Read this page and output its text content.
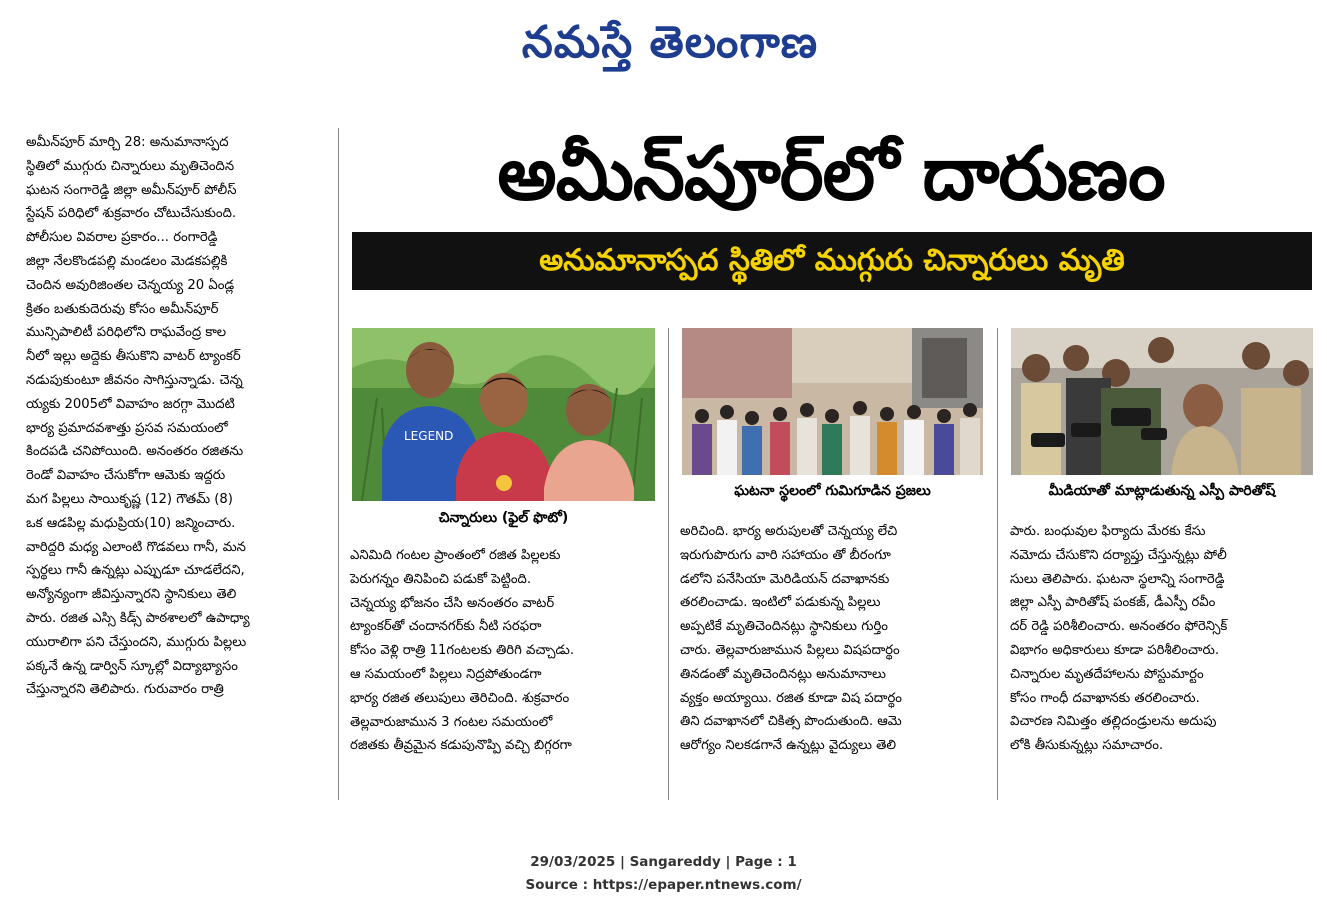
నమస్తే తెలంగాణ

అమీన్‌పూర్ మార్చి 28: అనుమానాస్పద

స్థితిలో ముగ్గురు చిన్నారులు మృతిచెందిన

ఘటన సంగారెడ్డి జిల్లా అమీన్‌పూర్ పోలీస్

స్టేషన్ పరిధిలో శుక్రవారం చోటుచేసుకుంది.

పోలీసుల వివరాల ప్రకారం... రంగారెడ్డి

జిల్లా నేలకొండపల్లి మండలం మెడకపల్లికి

చెందిన అవురిజింతల చెన్నయ్య 20 ఏండ్ల

క్రితం బతుకుదెరువు కోసం అమీన్‌పూర్

మున్సిపాలిటీ పరిధిలోని రాఘవేంద్ర కాల

నీలో ఇల్లు అద్దెకు తీసుకొని వాటర్ ట్యాంకర్

నడుపుకుంటూ జీవనం సాగిస్తున్నాడు. చెన్న

య్యకు 2005లో వివాహం జరగ్గా మొదటి

భార్య ప్రమాదవశాత్తు ప్రసవ సమయంలో

కిందపడి చనిపోయింది. అనంతరం రజితను

రెండో వివాహం చేసుకోగా ఆమెకు ఇద్దరు

మగ పిల్లలు సాయికృష్ణ (12) గౌతమ్ (8)

ఒక ఆడపిల్ల మధుప్రియ(10) జన్మించారు.

వారిద్దరి మధ్య ఎలాంటి గొడవలు గానీ, మన

స్పర్థలు గానీ ఉన్నట్లు ఎప్పుడూ చూడలేదని,

అన్యోన్యంగా జీవిస్తున్నారని స్థానికులు తెలి

పారు. రజిత ఎస్సి కిడ్స్ పాఠశాలలో ఉపాధ్యా

యురాలిగా పని చేస్తుందని, ముగ్గురు పిల్లలు

పక్కనే ఉన్న డార్విన్ స్కూల్లో విద్యాభ్యాసం

చేస్తున్నారని తెలిపారు. గురువారం రాత్రి

అమీన్‌పూర్‌లో దారుణం
అనుమానాస్పద స్థితిలో ముగ్గురు చిన్నారులు మృతి
LEGEND
చిన్నారులు (ఫైల్ ఫొటో)

ఎనిమిది గంటల ప్రాంతంలో రజిత పిల్లలకు

పెరుగన్నం తినిపించి పడుకో పెట్టింది.

చెన్నయ్య భోజనం చేసి అనంతరం వాటర్

ట్యాంకర్‌తో చందానగర్‌కు నీటి సరఫరా

కోసం వెళ్లి రాత్రి 11గంటలకు తిరిగి వచ్చాడు.

ఆ సమయంలో పిల్లలు నిద్రపోతుండగా

భార్య రజిత తలుపులు తెరిచింది. శుక్రవారం

తెల్లవారుజామున 3 గంటల సమయంలో

రజితకు తీవ్రమైన కడుపునొప్పి వచ్చి బిగ్గరగా

ఘటనా స్థలంలో గుమిగూడిన ప్రజలు

అరిచింది. భార్య అరుపులతో చెన్నయ్య లేచి

ఇరుగుపొరుగు వారి సహాయం తో బీరంగూ

డలోని పనేసియా మెరిడియన్ దవాఖానకు

తరలించాడు. ఇంటిలో పడుకున్న పిల్లలు

అప్పటికే మృతిచెందినట్లు స్థానికులు గుర్తిం

చారు. తెల్లవారుజామున పిల్లలు విషపదార్థం

తినడంతో మృతిచెందినట్లు అనుమానాలు

వ్యక్తం అయ్యాయి. రజిత కూడా విష పదార్థం

తిని దవాఖానలో చికిత్స పొందుతుంది. ఆమె

ఆరోగ్యం నిలకడగానే ఉన్నట్లు వైద్యులు తెలి

మీడియాతో మాట్లాడుతున్న ఎస్పీ పారితోష్

పారు. బంధువుల ఫిర్యాదు మేరకు కేసు

నమోదు చేసుకొని దర్యాప్తు చేస్తున్నట్లు పోలీ

సులు తెలిపారు. ఘటనా స్థలాన్ని సంగారెడ్డి

జిల్లా ఎస్పీ పారితోష్ పంకజ్, డీఎస్పీ రవీం

దర్ రెడ్డి పరిశీలించారు. అనంతరం ఫోరెన్సిక్

విభాగం అధికారులు కూడా పరిశీలించారు.

చిన్నారుల మృతదేహాలను పోస్టుమార్టం

కోసం గాంధీ దవాఖానకు తరలించారు.

విచారణ నిమిత్తం తల్లిదండ్రులను అదుపు

లోకి తీసుకున్నట్లు సమాచారం.

29/03/2025 | Sangareddy | Page : 1
Source : https://epaper.ntnews.com/
